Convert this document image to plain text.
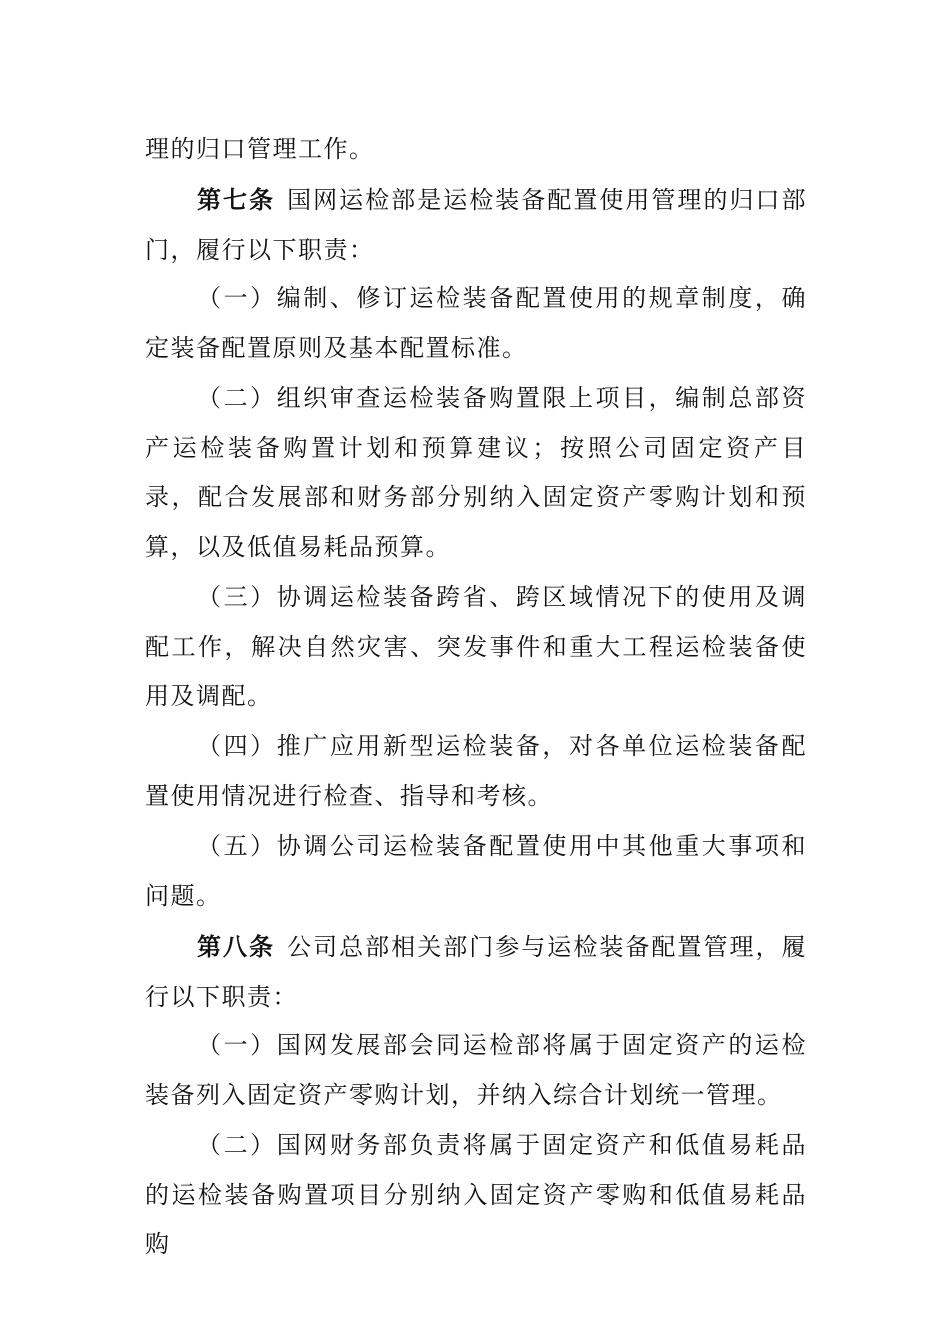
理的归口管理工作。

第七条 国网运检部是运检装备配置使用管理的归口部门，履行以下职责：

（一）编制、修订运检装备配置使用的规章制度，确定装备配置原则及基本配置标准。

（二）组织审查运检装备购置限上项目，编制总部资产运检装备购置计划和预算建议；按照公司固定资产目录，配合发展部和财务部分别纳入固定资产零购计划和预算，以及低值易耗品预算。

（三）协调运检装备跨省、跨区域情况下的使用及调配工作，解决自然灾害、突发事件和重大工程运检装备使用及调配。

（四）推广应用新型运检装备，对各单位运检装备配置使用情况进行检查、指导和考核。

（五）协调公司运检装备配置使用中其他重大事项和问题。

第八条 公司总部相关部门参与运检装备配置管理，履行以下职责：

（一）国网发展部会同运检部将属于固定资产的运检装备列入固定资产零购计划，并纳入综合计划统一管理。

（二）国网财务部负责将属于固定资产和低值易耗品的运检装备购置项目分别纳入固定资产零购和低值易耗品购
